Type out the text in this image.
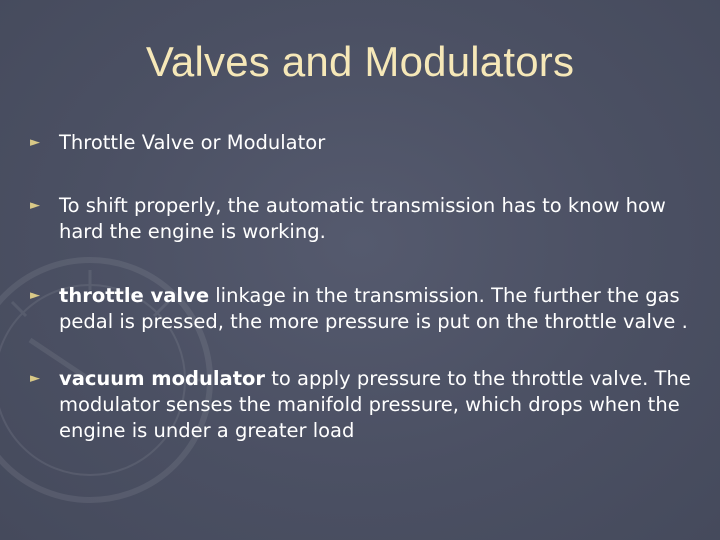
Valves and Modulators
► Throttle Valve or Modulator
► To shift properly, the automatic transmission has to know how hard the engine is working.
► throttle valve linkage in the transmission. The further the gas pedal is pressed, the more pressure is put on the throttle valve .
► vacuum modulator to apply pressure to the throttle valve. The modulator senses the manifold pressure, which drops when the engine is under a greater load
